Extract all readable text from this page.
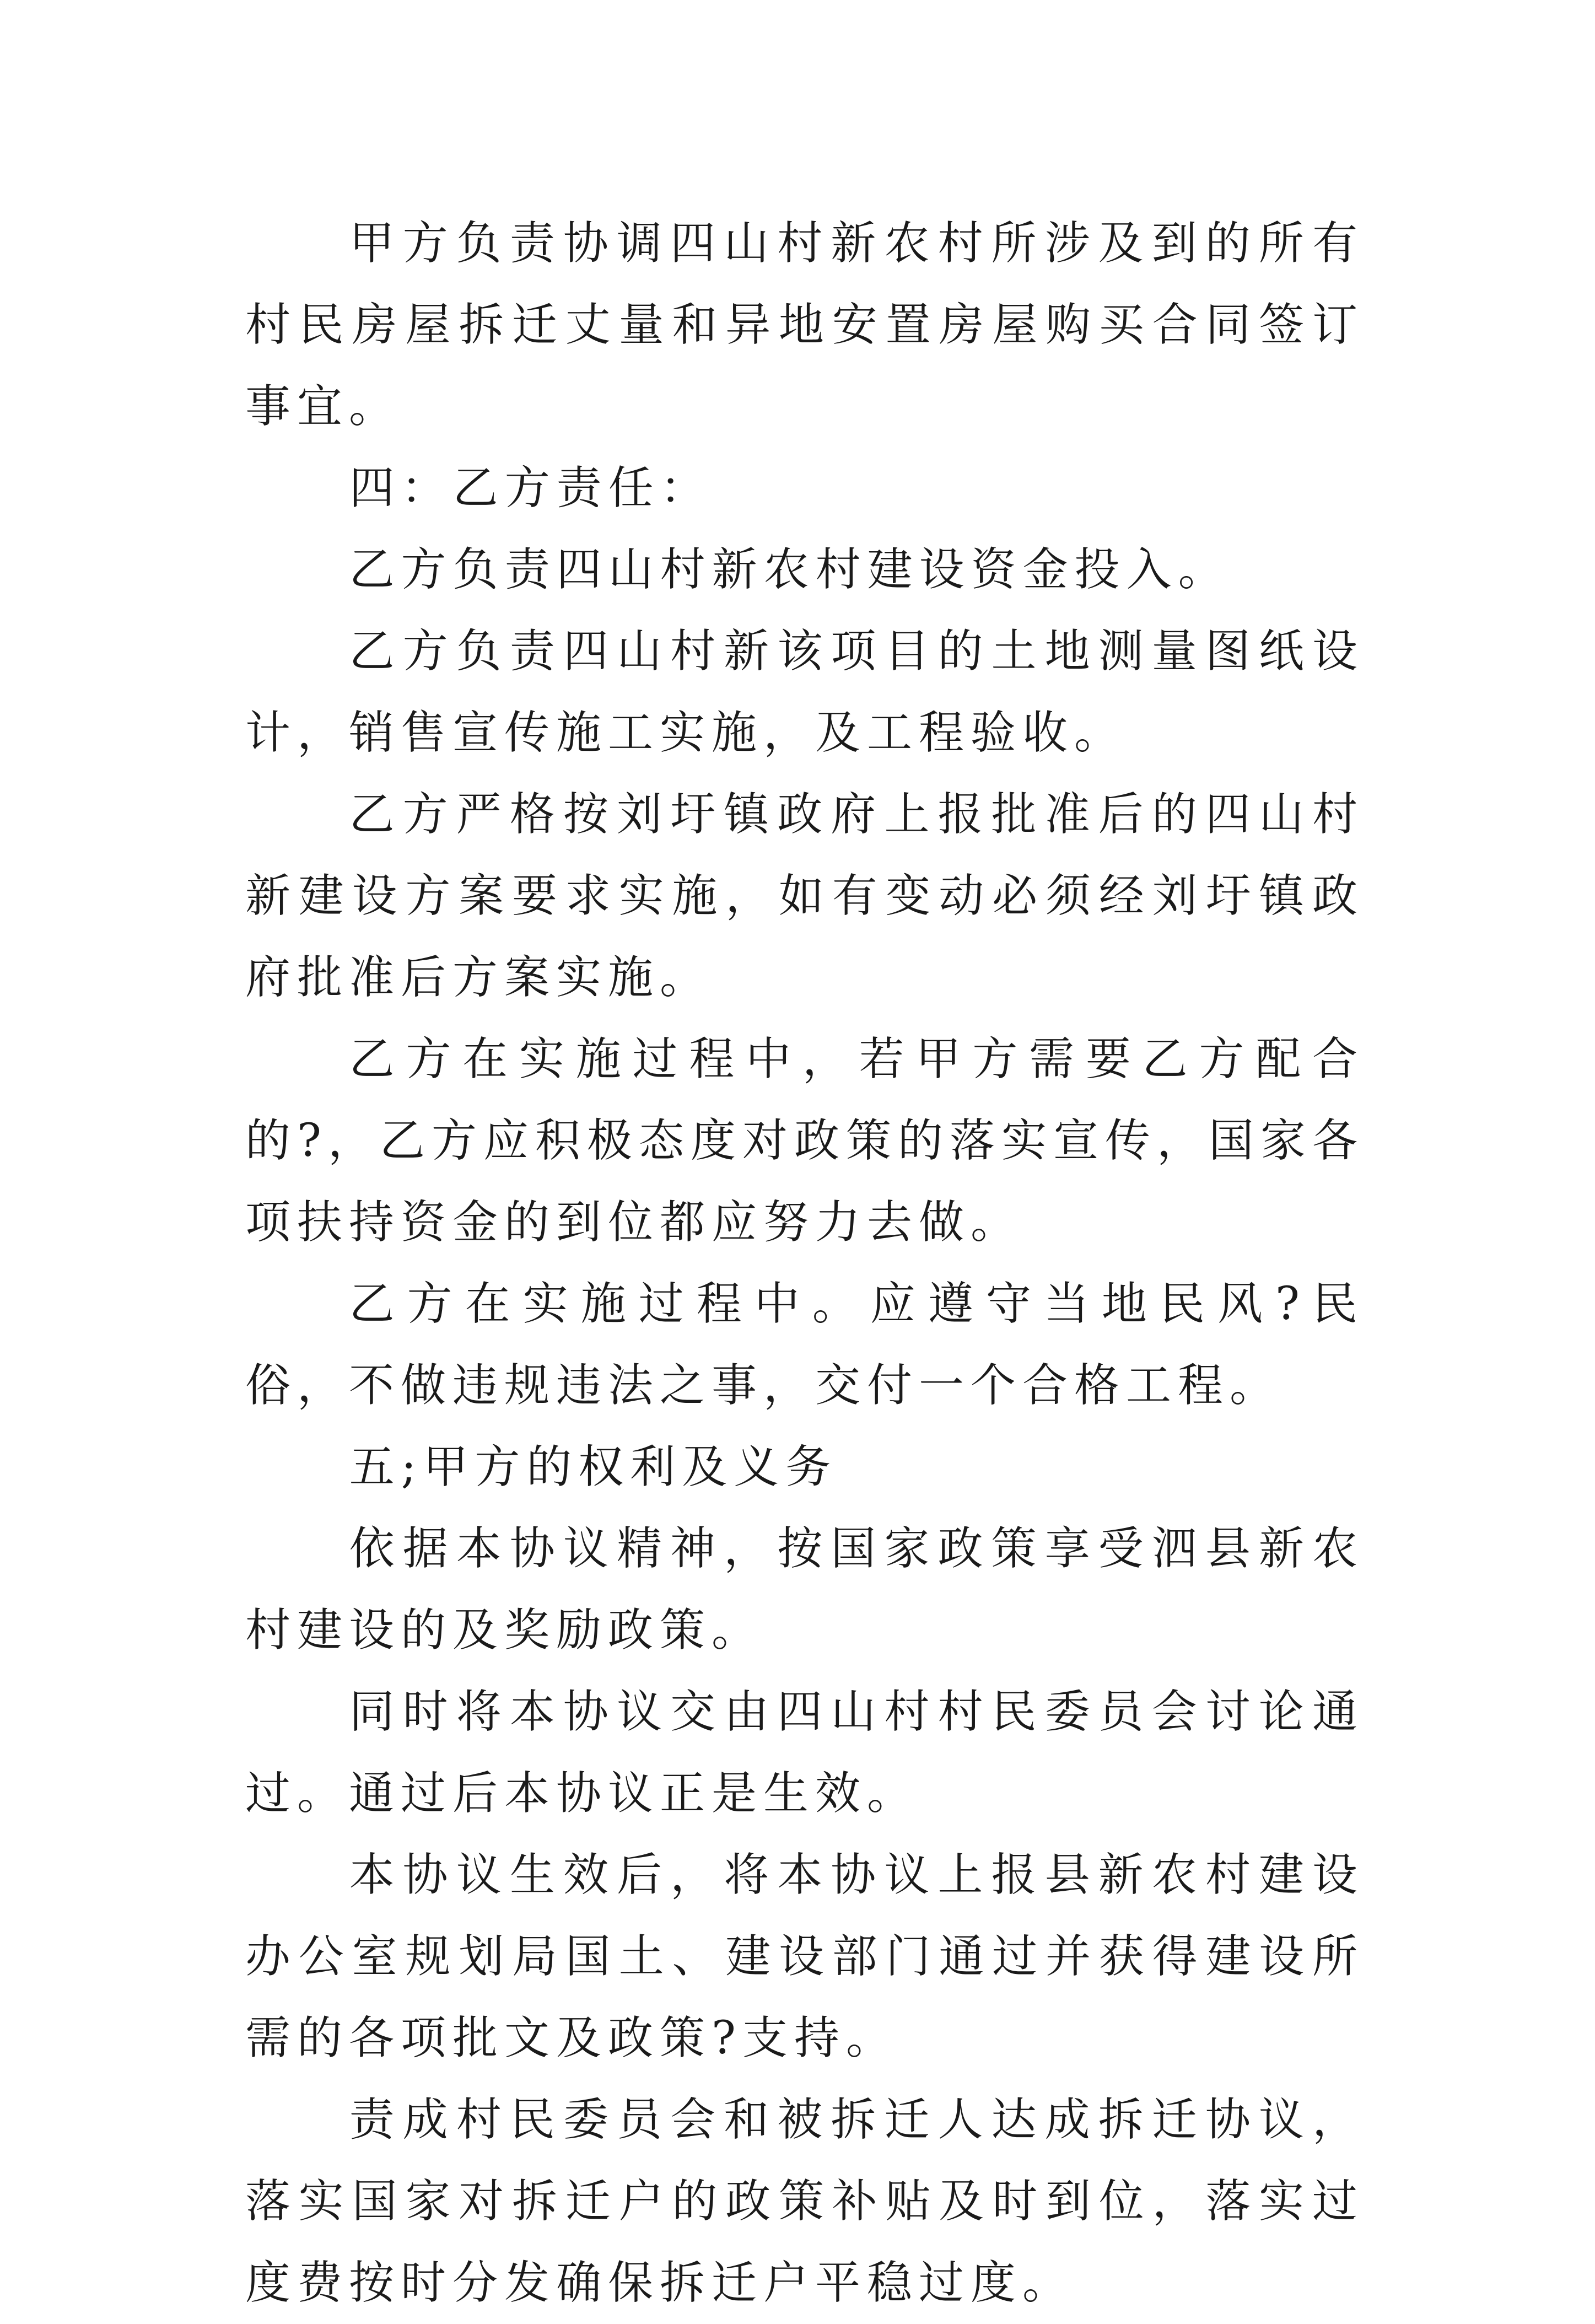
甲方负责协调四山村新农村所涉及到的所有村民房屋拆迁丈量和异地安置房屋购买合同签订事宜。

四：乙方责任：

乙方负责四山村新农村建设资金投入。

乙方负责四山村新该项目的土地测量图纸设计，销售宣传施工实施，及工程验收。

乙方严格按刘圩镇政府上报批准后的四山村新建设方案要求实施，如有变动必须经刘圩镇政府批准后方案实施。

乙方在实施过程中，若甲方需要乙方配合的?，乙方应积极态度对政策的落实宣传，国家各项扶持资金的到位都应努力去做。

乙方在实施过程中。应遵守当地民风?民俗，不做违规违法之事，交付一个合格工程。

五;甲方的权利及义务

依据本协议精神，按国家政策享受泗县新农村建设的及奖励政策。

同时将本协议交由四山村村民委员会讨论通过。通过后本协议正是生效。

本协议生效后，将本协议上报县新农村建设办公室规划局国土、建设部门通过并获得建设所需的各项批文及政策?支持。

责成村民委员会和被拆迁人达成拆迁协议，落实国家对拆迁户的政策补贴及时到位，落实过度费按时分发确保拆迁户平稳过度。
